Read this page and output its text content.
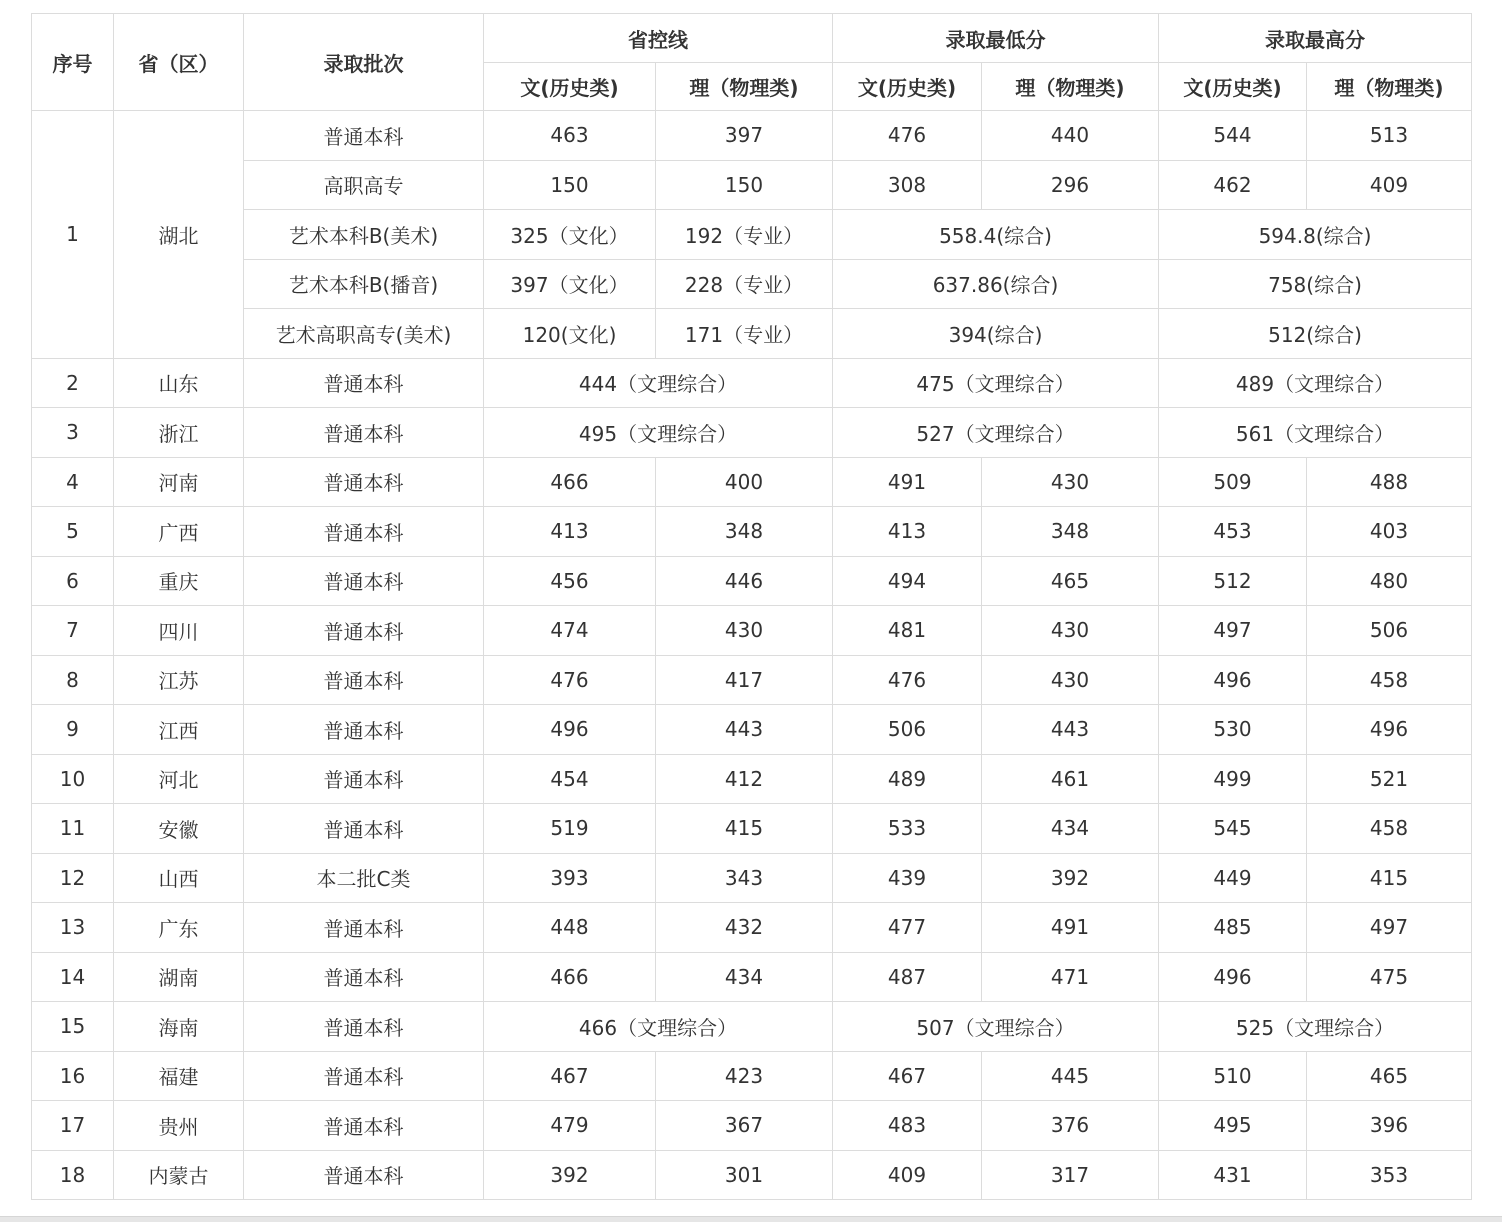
序号	省（区）	录取批次	省控线		录取最低分		录取最高分	
			文(历史类)	理（物理类)	文(历史类)	理（物理类)	文(历史类)	理（物理类)
1	湖北	普通本科	463	397	476	440	544	513
		高职高专	150	150	308	296	462	409
		艺术本科B(美术)	325（文化）	192（专业）	558.4(综合)		594.8(综合)	
		艺术本科B(播音)	397（文化）	228（专业）	637.86(综合)		758(综合)	
		艺术高职高专(美术)	120(文化)	171（专业）	394(综合)		512(综合)	
2	山东	普通本科	444（文理综合）		475（文理综合）		489（文理综合）	
3	浙江	普通本科	495（文理综合）		527（文理综合）		561（文理综合）	
4	河南	普通本科	466	400	491	430	509	488
5	广西	普通本科	413	348	413	348	453	403
6	重庆	普通本科	456	446	494	465	512	480
7	四川	普通本科	474	430	481	430	497	506
8	江苏	普通本科	476	417	476	430	496	458
9	江西	普通本科	496	443	506	443	530	496
10	河北	普通本科	454	412	489	461	499	521
11	安徽	普通本科	519	415	533	434	545	458
12	山西	本二批C类	393	343	439	392	449	415
13	广东	普通本科	448	432	477	491	485	497
14	湖南	普通本科	466	434	487	471	496	475
15	海南	普通本科	466（文理综合）		507（文理综合）		525（文理综合）	
16	福建	普通本科	467	423	467	445	510	465
17	贵州	普通本科	479	367	483	376	495	396
18	内蒙古	普通本科	392	301	409	317	431	353
